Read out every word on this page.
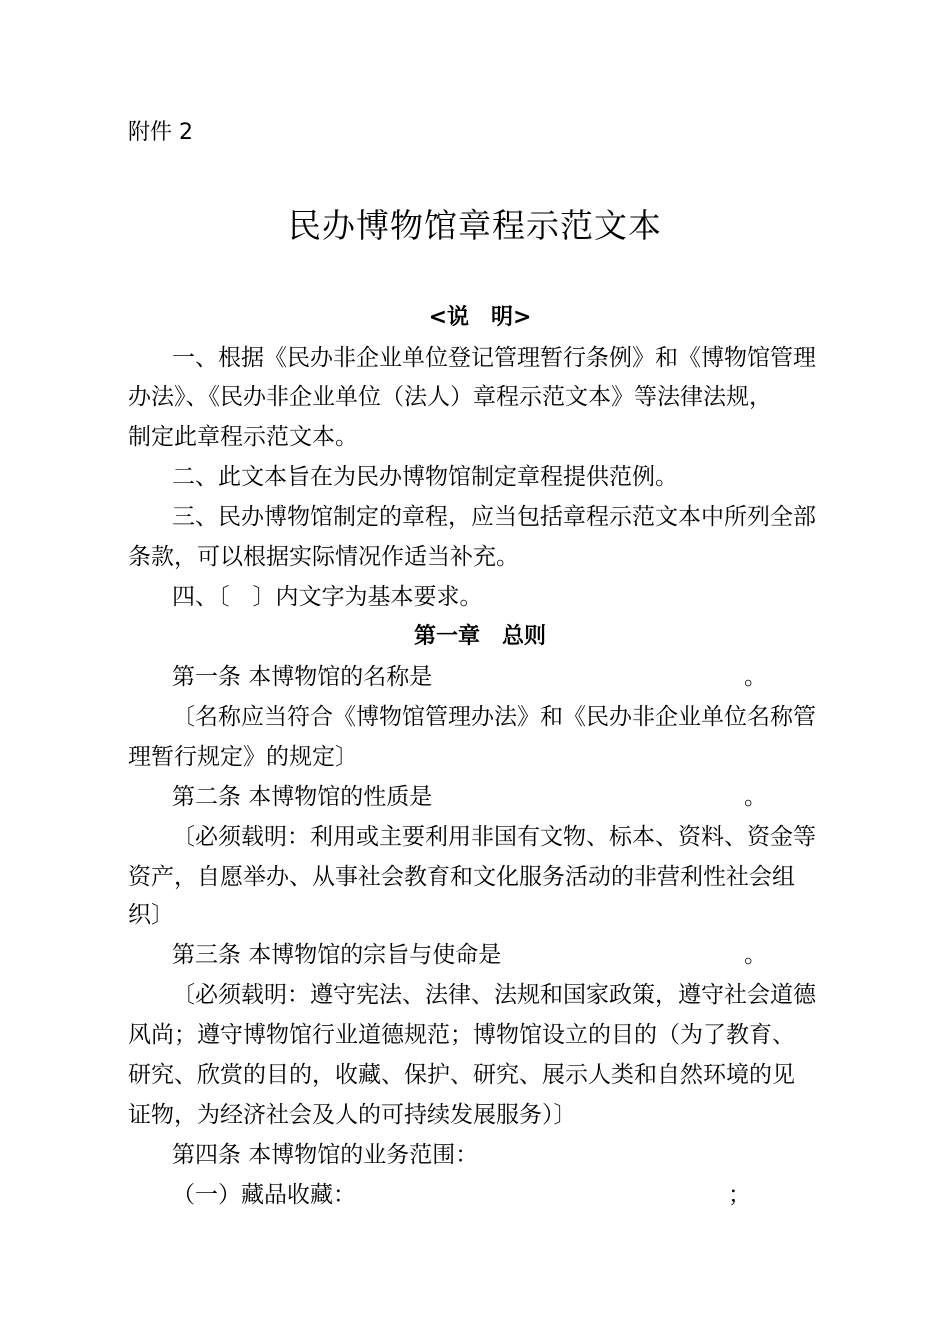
附件 2
民办博物馆章程示范文本
<说　明>
一、根据《民办非企业单位登记管理暂行条例》和《博物馆管理
办法》、《民办非企业单位（法人）章程示范文本》等法律法规，
制定此章程示范文本。
二、此文本旨在为民办博物馆制定章程提供范例。
三、民办博物馆制定的章程，应当包括章程示范文本中所列全部
条款，可以根据实际情况作适当补充。
四、〔　〕内文字为基本要求。
第一章　总则
第一条 本博物馆的名称是	。
〔名称应当符合《博物馆管理办法》和《民办非企业单位名称管
理暂行规定》的规定〕
第二条 本博物馆的性质是	。
〔必须载明：利用或主要利用非国有文物、标本、资料、资金等
资产，自愿举办、从事社会教育和文化服务活动的非营利性社会组
织〕
第三条 本博物馆的宗旨与使命是	。
〔必须载明：遵守宪法、法律、法规和国家政策，遵守社会道德
风尚；遵守博物馆行业道德规范；博物馆设立的目的（为了教育、
研究、欣赏的目的，收藏、保护、研究、展示人类和自然环境的见
证物，为经济社会及人的可持续发展服务）〕
第四条 本博物馆的业务范围：
（一）藏品收藏：	；
